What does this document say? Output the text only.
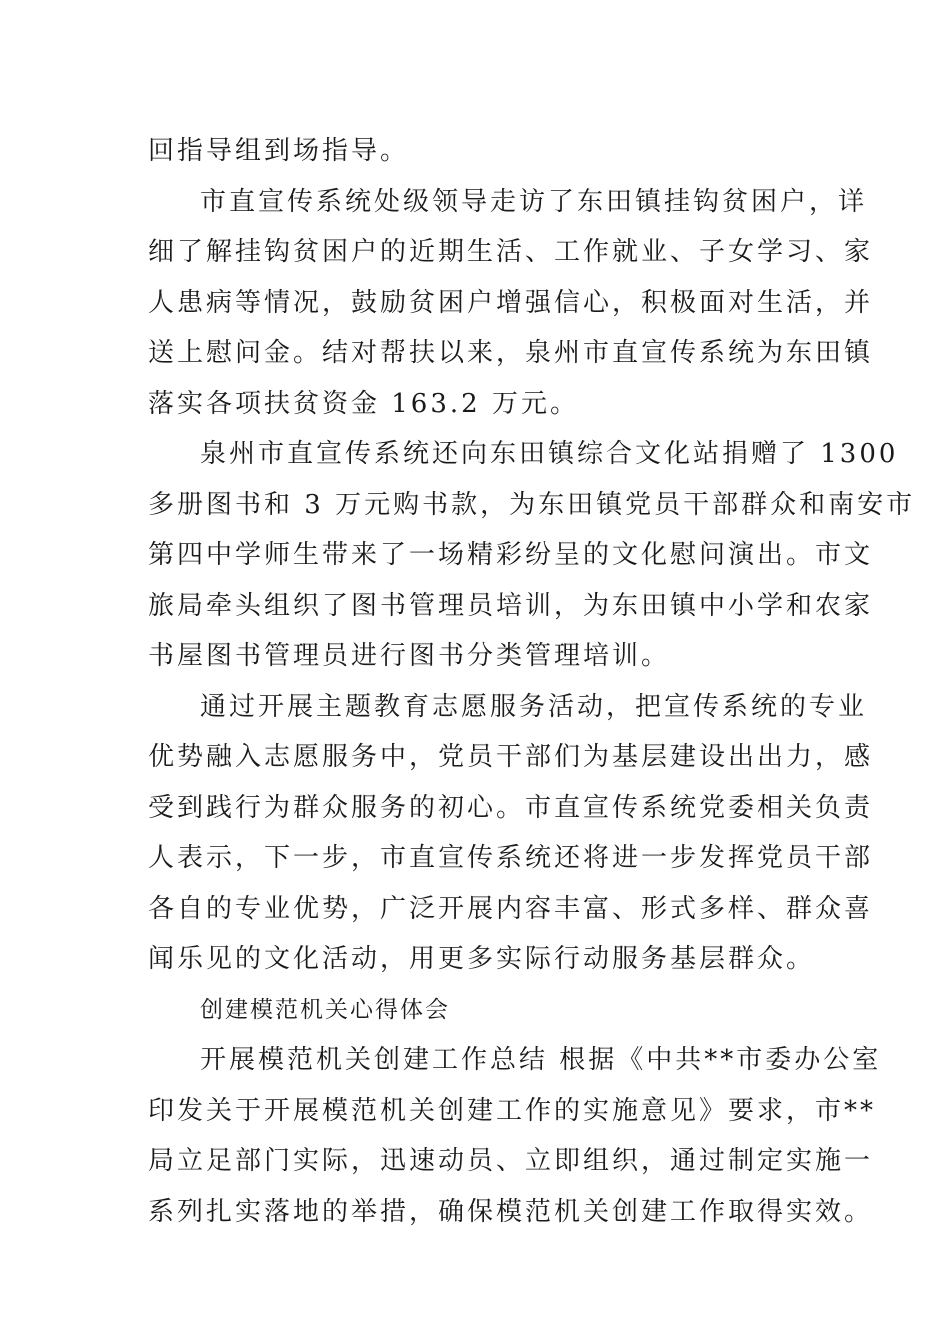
回指导组到场指导。
市直宣传系统处级领导走访了东田镇挂钩贫困户，详
细了解挂钩贫困户的近期生活、工作就业、子女学习、家
人患病等情况，鼓励贫困户增强信心，积极面对生活，并
送上慰问金。结对帮扶以来，泉州市直宣传系统为东田镇
落实各项扶贫资金 163.2 万元。
泉州市直宣传系统还向东田镇综合文化站捐赠了 1300
多册图书和 3 万元购书款，为东田镇党员干部群众和南安市
第四中学师生带来了一场精彩纷呈的文化慰问演出。市文
旅局牵头组织了图书管理员培训，为东田镇中小学和农家
书屋图书管理员进行图书分类管理培训。
通过开展主题教育志愿服务活动，把宣传系统的专业
优势融入志愿服务中，党员干部们为基层建设出出力，感
受到践行为群众服务的初心。市直宣传系统党委相关负责
人表示，下一步，市直宣传系统还将进一步发挥党员干部
各自的专业优势，广泛开展内容丰富、形式多样、群众喜
闻乐见的文化活动，用更多实际行动服务基层群众。
创建模范机关心得体会
开展模范机关创建工作总结 根据《中共**市委办公室
印发关于开展模范机关创建工作的实施意见》要求，市**
局立足部门实际，迅速动员、立即组织，通过制定实施一
系列扎实落地的举措，确保模范机关创建工作取得实效。
